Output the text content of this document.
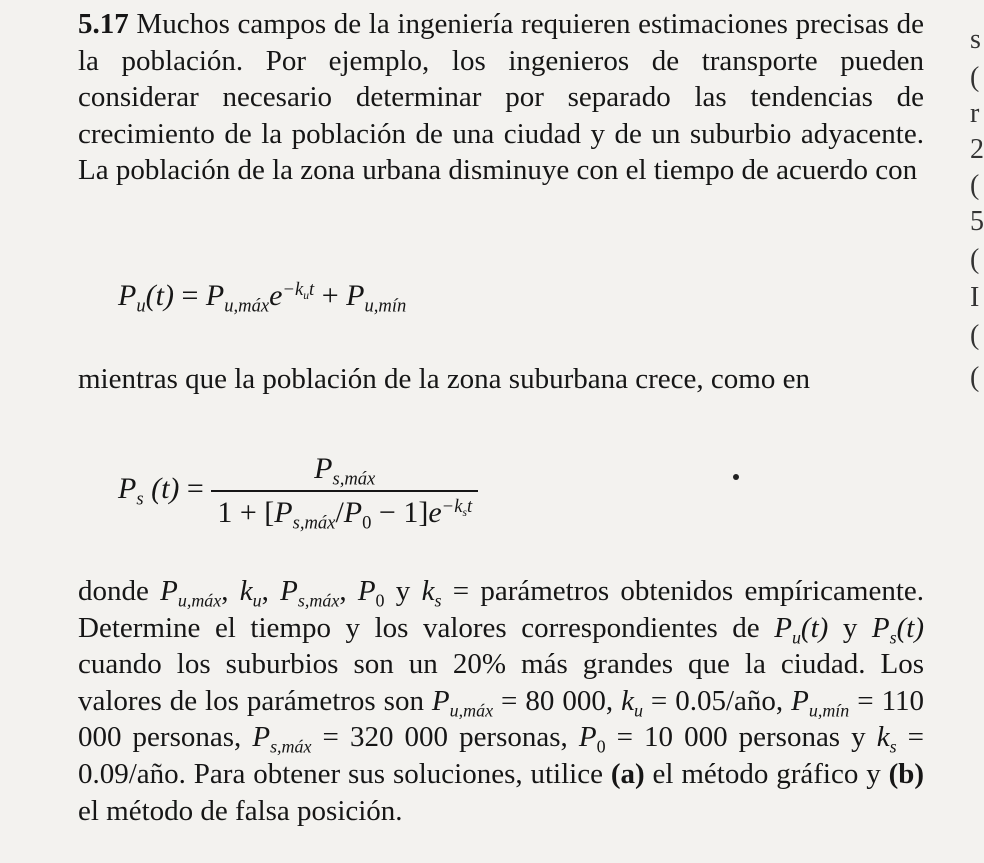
5.17 Muchos campos de la ingeniería requieren estimaciones precisas de la población. Por ejemplo, los ingenieros de transporte pueden considerar necesario determinar por separado las tendencias de crecimiento de la población de una ciudad y de un suburbio adyacente. La población de la zona urbana disminuye con el tiempo de acuerdo con

$P_u(t) = P_{u,máx}e^{-k_ut} + P_{u,mín}$

mientras que la población de la zona suburbana crece, como en

$P_s$ $(t) = \frac{P_{s,máx}}{1 + [P_{s,máx}/P_0 - 1]e^{-k_st}}$

donde $P_{u,máx}$, $k_u$, $P_{s,máx}$, $P_0$ y $k_s$ = parámetros obtenidos empíricamente. Determine el tiempo y los valores correspondientes de $P_u(t)$ y $P_s(t)$ cuando los suburbios son un 20% más grandes que la ciudad. Los valores de los parámetros son $P_{u,máx} = 80$ 000, $k_u$ = 0.05/año, $P_{u,mín} = 110$ 000 personas, $P_{s,máx} = 320$ 000 personas, $P_0 = 10$ 000 personas y $k_s$ = 0.09/año. Para obtener sus soluciones, utilice (a) el método gráfico y (b) el método de falsa posición.

s
(
r
2
(
5
(
I
(
(
